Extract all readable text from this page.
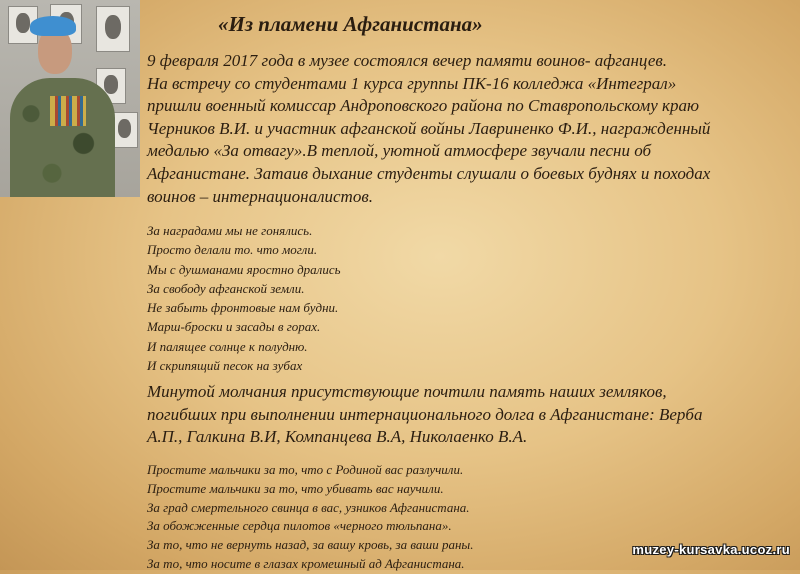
«Из пламени Афганистана»

9 февраля 2017 года в музее состоялся вечер памяти воинов- афганцев.
На встречу со студентами 1 курса группы ПК-16 колледжа «Интеграл»
пришли военный комиссар Андроповского района по Ставропольскому краю
Черников В.И. и участник афганской войны Лавриненко Ф.И., награжденный
медалью «За отвагу».В теплой, уютной атмосфере звучали песни об
Афганистане. Затаив дыхание студенты слушали о боевых буднях и походах
воинов – интернационалистов.

За наградами мы не гонялись.
Просто делали то. что могли.
Мы с душманами яростно дрались
За свободу афганской земли.
Не забыть фронтовые нам будни.
Марш-броски и засады в горах.
И палящее солнце к полудню.
И скрипящий песок на зубах

Минутой молчания присутствующие почтили память наших земляков,
погибших при выполнении интернационального долга в Афганистане: Верба
А.П., Галкина В.И, Компанцева В.А, Николаенко В.А.

Простите мальчики за то, что с Родиной вас разлучили.
Простите мальчики за то, что убивать вас научили.
За град смертельного свинца в вас, узников Афганистана.
За обожженные сердца пилотов «черного тюльпана».
За то, что не вернуть назад, за вашу кровь, за ваши раны.
За то, что носите в глазах кромешный ад Афганистана.

muzey-kursavka.ucoz.ru
